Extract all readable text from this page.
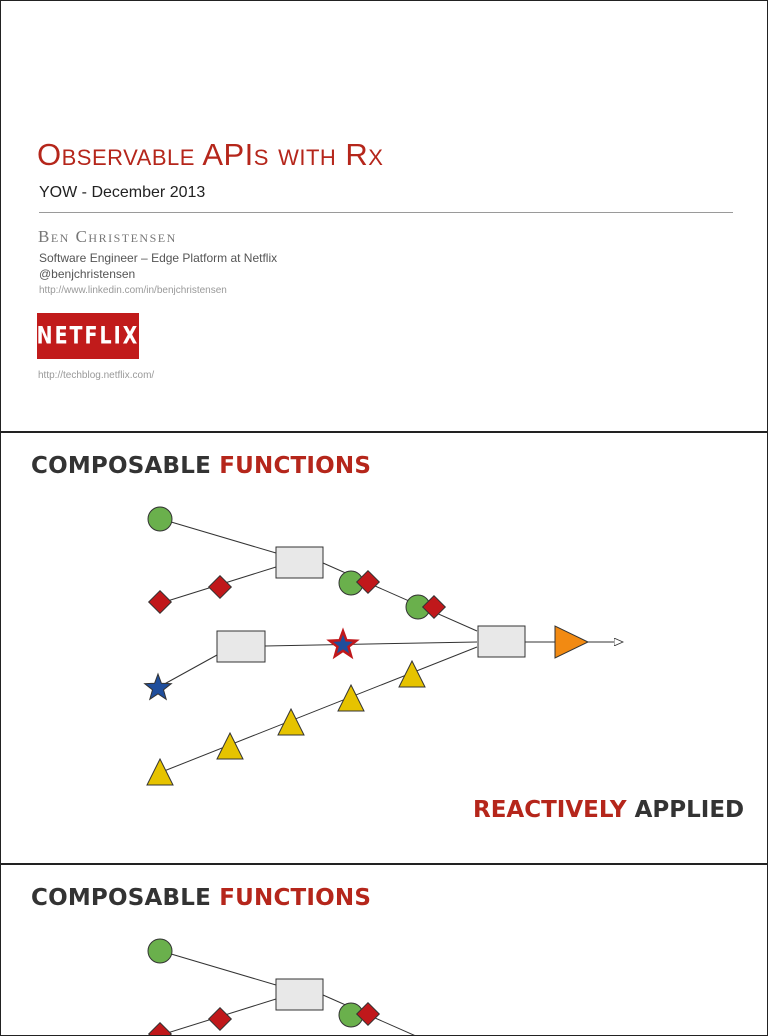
Observable APIs with Rx
YOW - December 2013
Ben Christensen
Software Engineer – Edge Platform at Netflix
@benjchristensen
http://www.linkedin.com/in/benjchristensen
NETFLIX
http://techblog.netflix.com/
COMPOSABLE FUNCTIONS
REACTIVELY APPLIED
COMPOSABLE FUNCTIONS
